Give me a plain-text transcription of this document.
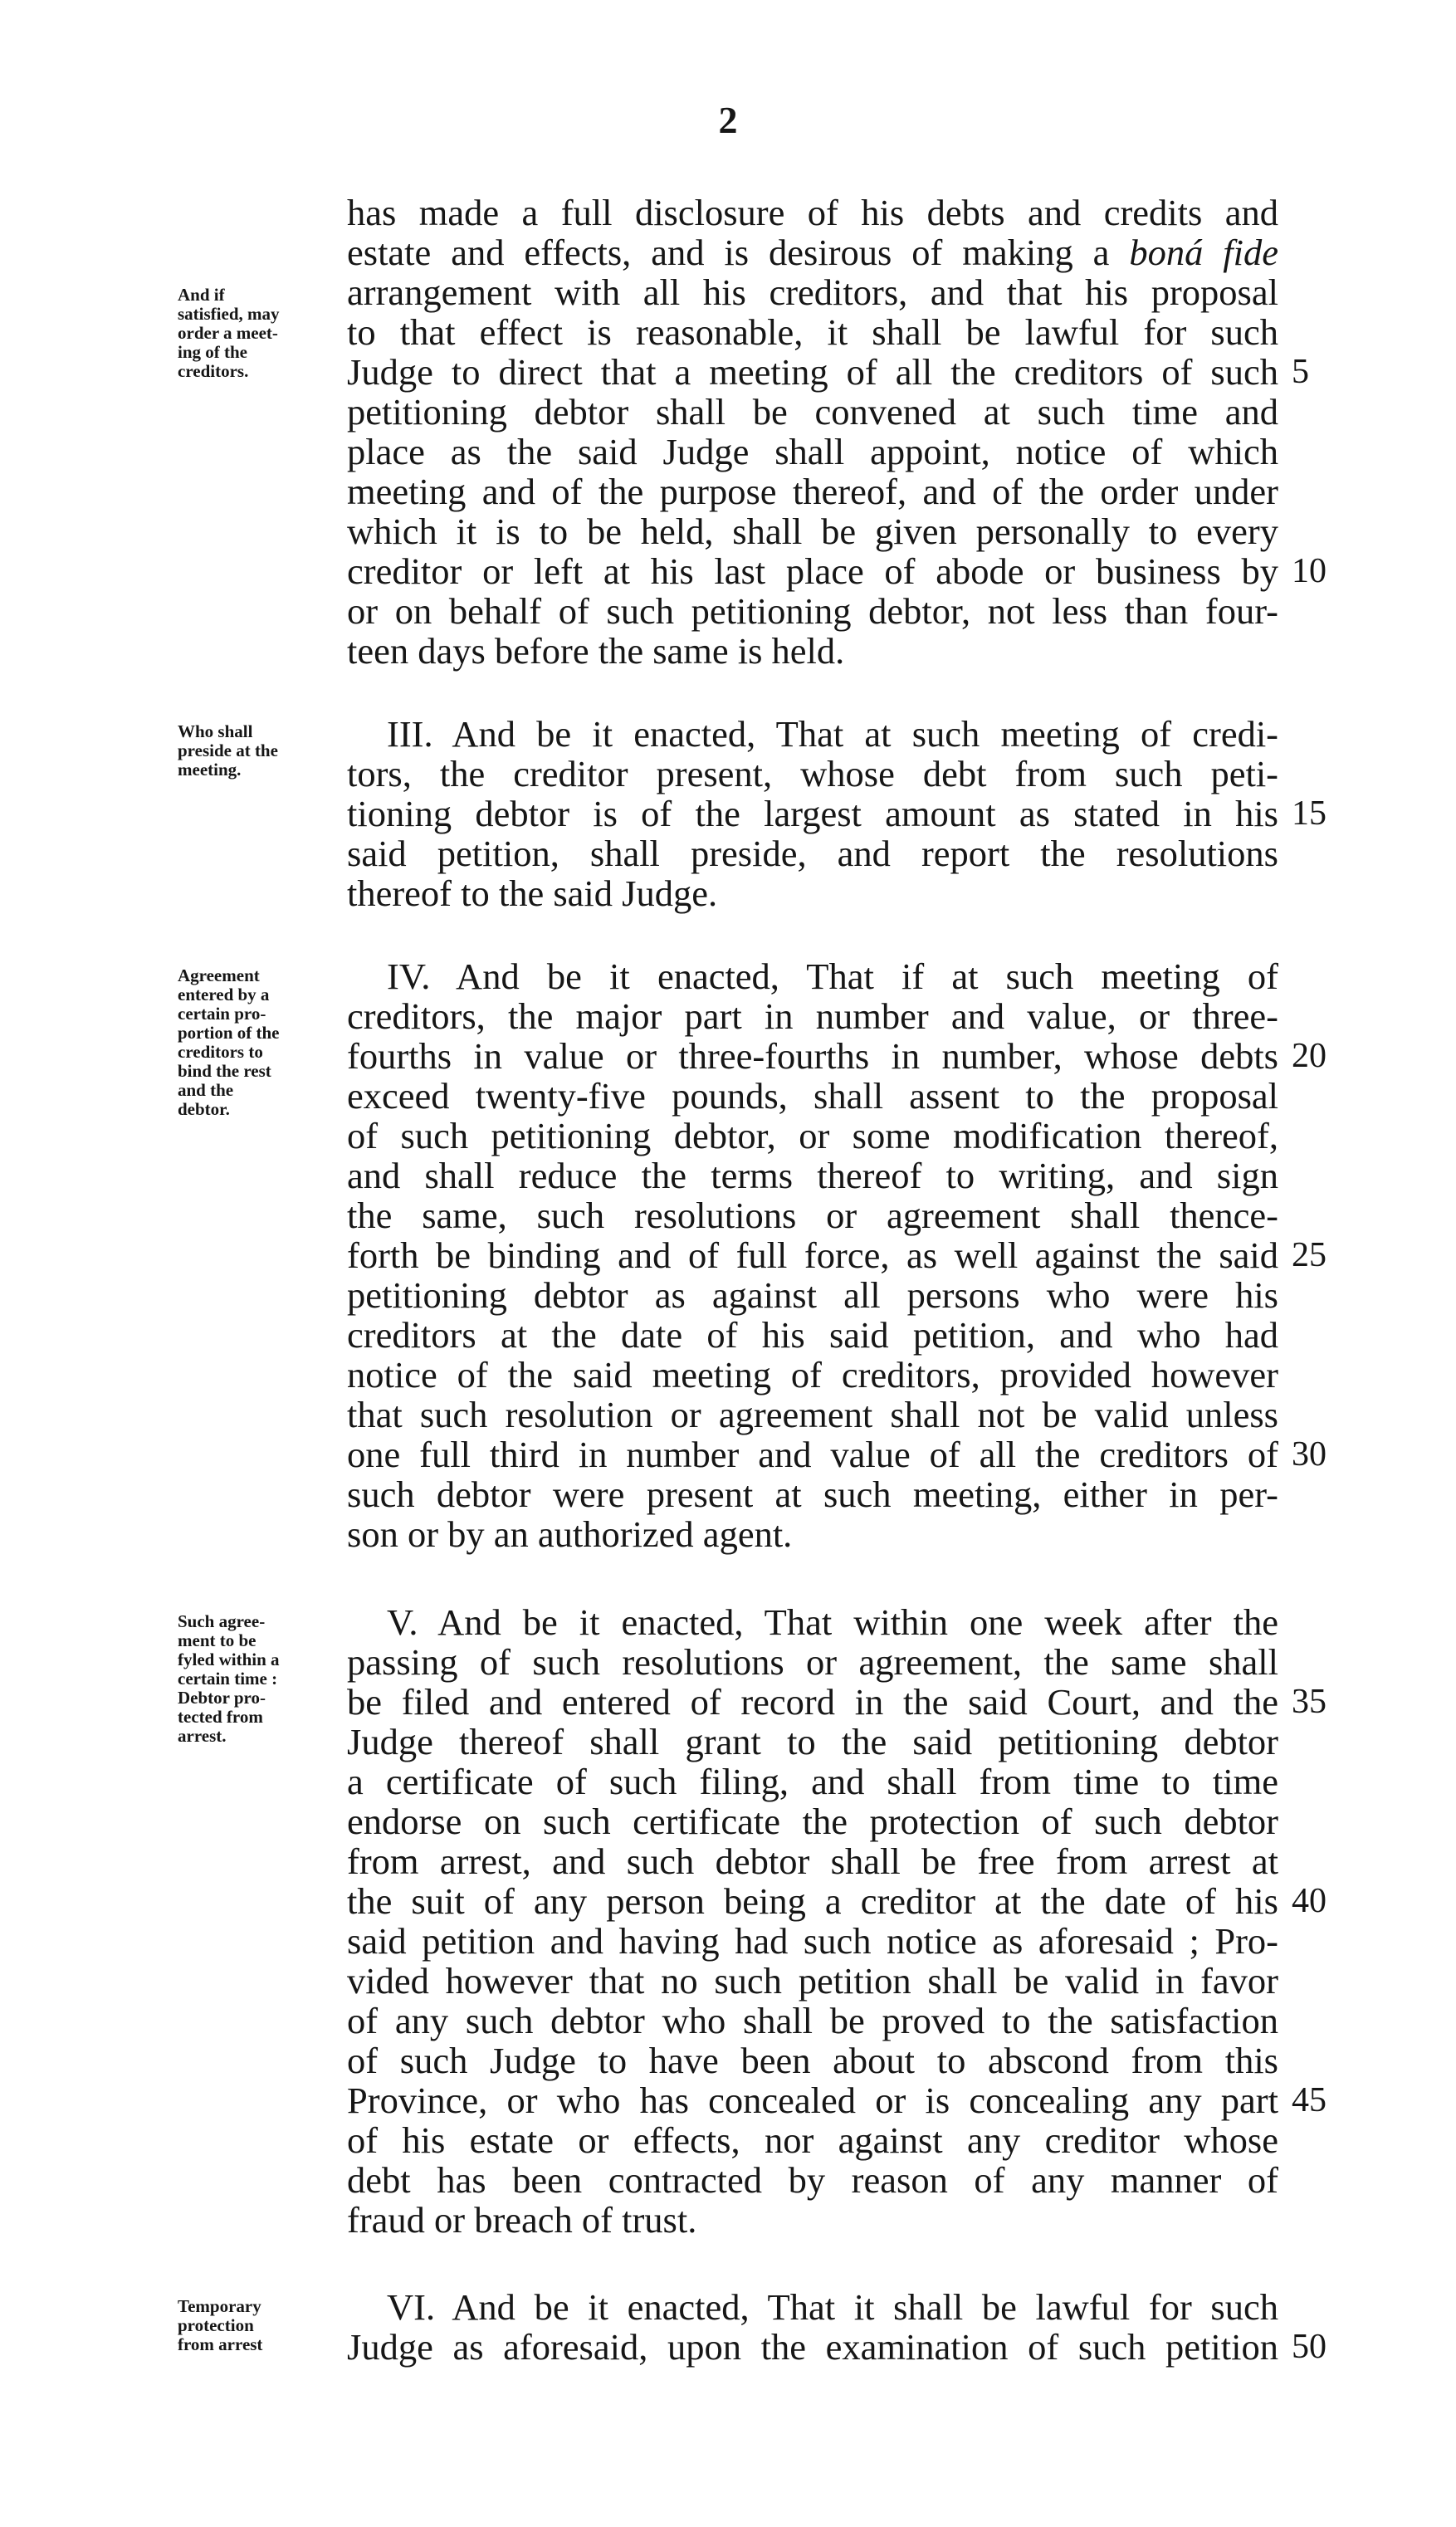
2
And if
satisfied, may
order a meet-
ing of the
creditors.
has made a full disclosure of his debts and credits and
estate and effects, and is desirous of making a boná fide
arrangement with all his creditors, and that his proposal
to that effect is reasonable, it shall be lawful for such
Judge to direct that a meeting of all the creditors of such 5
petitioning debtor shall be convened at such time and
place as the said Judge shall appoint, notice of which
meeting and of the purpose thereof, and of the order under
which it is to be held, shall be given personally to every
creditor or left at his last place of abode or business by 10
or on behalf of such petitioning debtor, not less than four-
teen days before the same is held.
Who shall
preside at the
meeting.
III. And be it enacted, That at such meeting of credi-
tors, the creditor present, whose debt from such peti-
tioning debtor is of the largest amount as stated in his 15
said petition, shall preside, and report the resolutions
thereof to the said Judge.
Agreement
entered by a
certain pro-
portion of the
creditors to
bind the rest
and the
debtor.
IV. And be it enacted, That if at such meeting of
creditors, the major part in number and value, or three-
fourths in value or three-fourths in number, whose debts 20
exceed twenty-five pounds, shall assent to the proposal
of such petitioning debtor, or some modification thereof,
and shall reduce the terms thereof to writing, and sign
the same, such resolutions or agreement shall thence-
forth be binding and of full force, as well against the said 25
petitioning debtor as against all persons who were his
creditors at the date of his said petition, and who had
notice of the said meeting of creditors, provided however
that such resolution or agreement shall not be valid unless
one full third in number and value of all the creditors of 30
such debtor were present at such meeting, either in per-
son or by an authorized agent.
Such agree-
ment to be
fyled within a
certain time :
Debtor pro-
tected from
arrest.
V. And be it enacted, That within one week after the
passing of such resolutions or agreement, the same shall
be filed and entered of record in the said Court, and the 35
Judge thereof shall grant to the said petitioning debtor
a certificate of such filing, and shall from time to time
endorse on such certificate the protection of such debtor
from arrest, and such debtor shall be free from arrest at
the suit of any person being a creditor at the date of his 40
said petition and having had such notice as aforesaid ; Pro-
vided however that no such petition shall be valid in favor
of any such debtor who shall be proved to the satisfaction
of such Judge to have been about to abscond from this
Province, or who has concealed or is concealing any part 45
of his estate or effects, nor against any creditor whose
debt has been contracted by reason of any manner of
fraud or breach of trust.
Temporary
protection
from arrest
VI. And be it enacted, That it shall be lawful for such
Judge as aforesaid, upon the examination of such petition 50
